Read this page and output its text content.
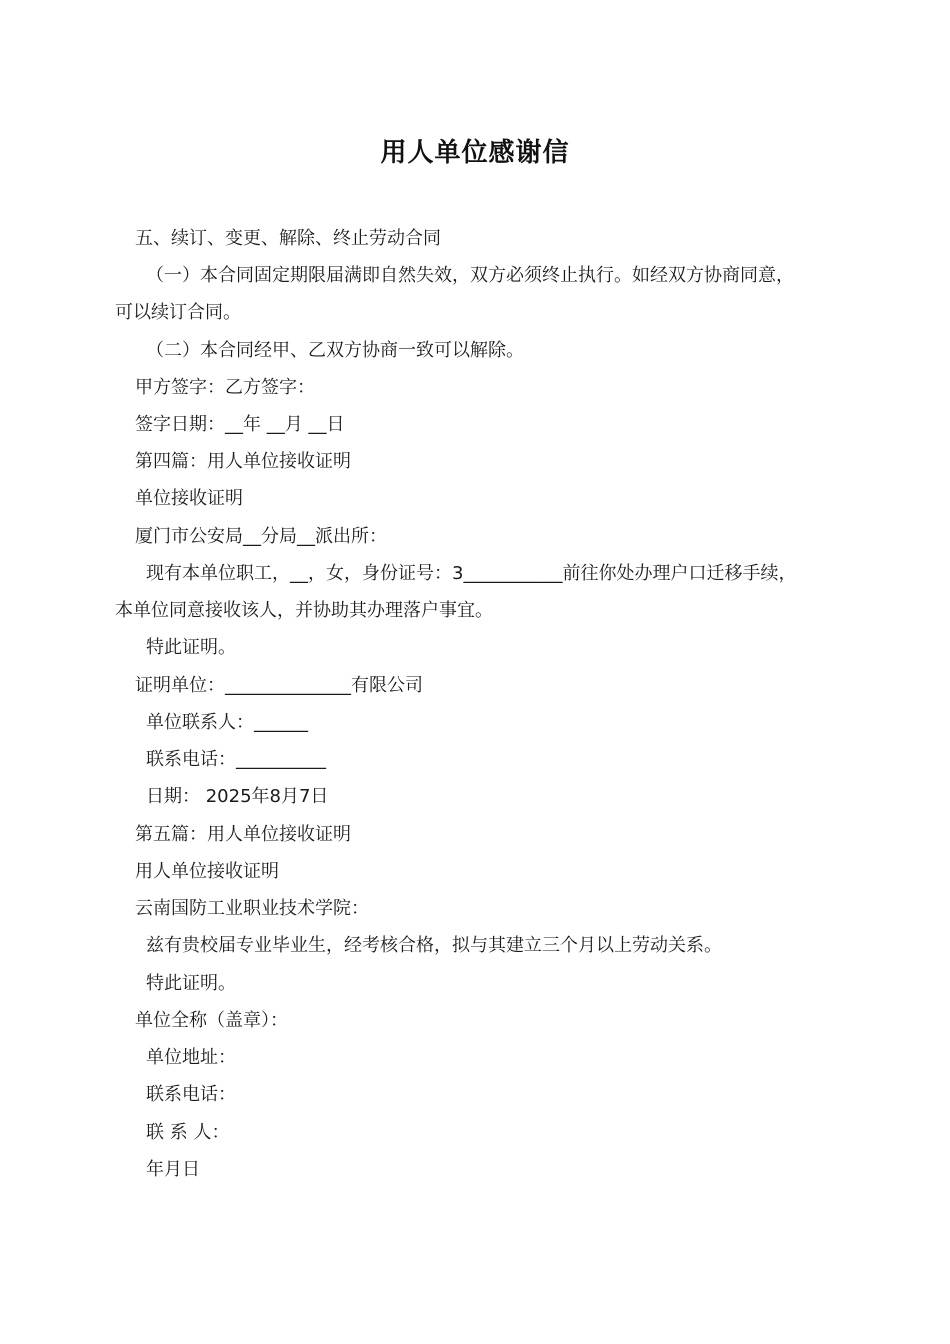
用人单位感谢信
五、续订、变更、解除、终止劳动合同
（一）本合同固定期限届满即自然失效，双方必须终止执行。如经双方协商同意，
可以续订合同。
（二）本合同经甲、乙双方协商一致可以解除。
甲方签字：乙方签字：
签字日期：__年 __月 __日
第四篇：用人单位接收证明
单位接收证明
厦门市公安局__分局__派出所：
现有本单位职工，__，女，身份证号：3___________前往你处办理户口迁移手续，
本单位同意接收该人，并协助其办理落户事宜。
特此证明。
证明单位：______________有限公司
单位联系人：______
联系电话：__________
日期： 2025年8月7日
第五篇：用人单位接收证明
用人单位接收证明
云南国防工业职业技术学院：
兹有贵校届专业毕业生，经考核合格，拟与其建立三个月以上劳动关系。
特此证明。
单位全称（盖章）：
单位地址：
联系电话：
联 系 人：
年月日
